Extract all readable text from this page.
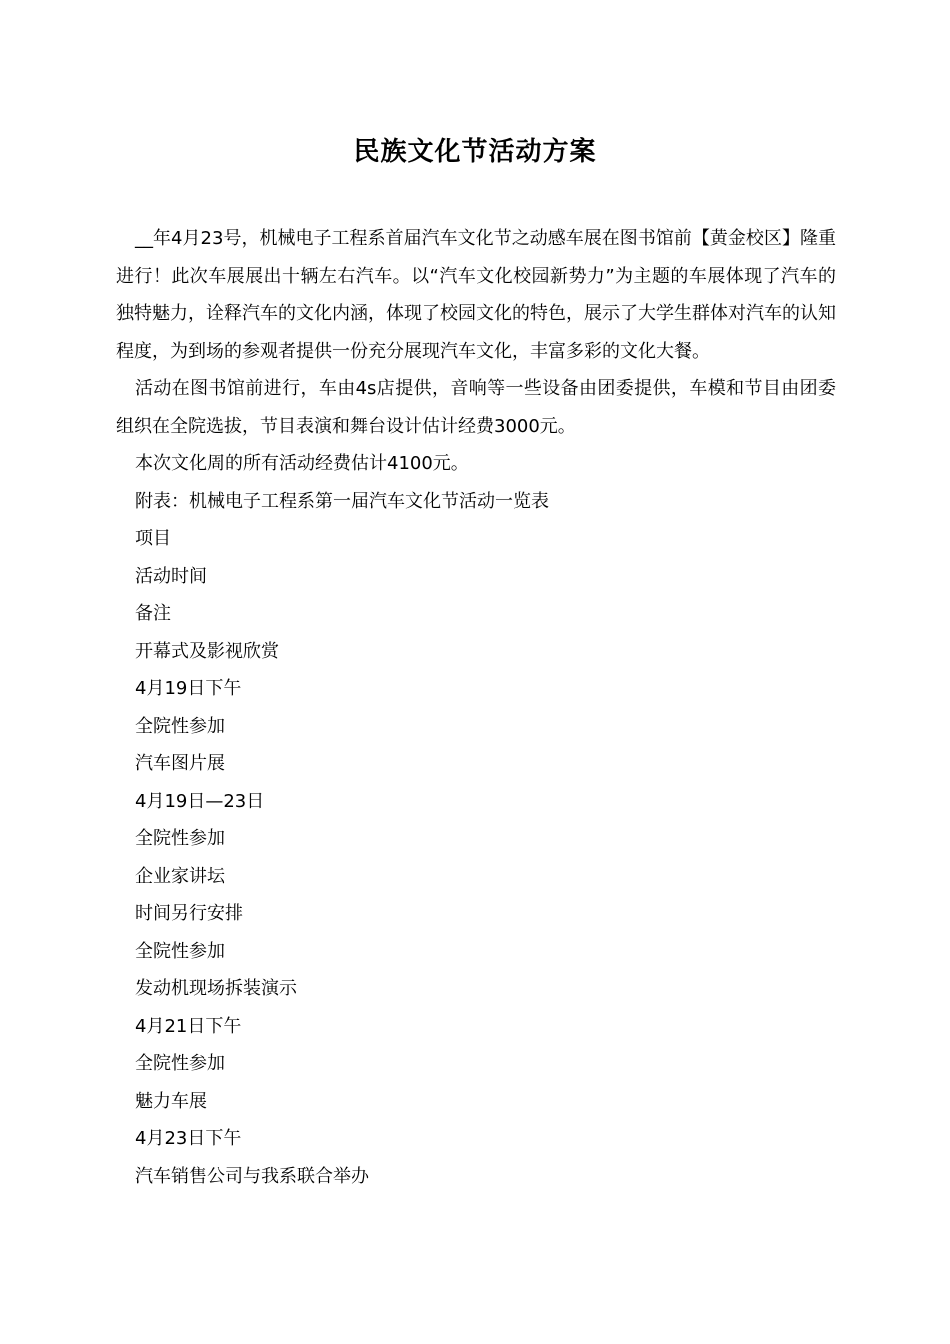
民族文化节活动方案

__年4月23号，机械电子工程系首届汽车文化节之动感车展在图书馆前【黄金校区】隆重进行！此次车展展出十辆左右汽车。以“汽车文化校园新势力”为主题的车展体现了汽车的独特魅力，诠释汽车的文化内涵，体现了校园文化的特色，展示了大学生群体对汽车的认知程度，为到场的参观者提供一份充分展现汽车文化，丰富多彩的文化大餐。

活动在图书馆前进行，车由4s店提供，音响等一些设备由团委提供，车模和节目由团委组织在全院选拔，节目表演和舞台设计估计经费3000元。

本次文化周的所有活动经费估计4100元。

附表：机械电子工程系第一届汽车文化节活动一览表

项目

活动时间

备注

开幕式及影视欣赏

4月19日下午

全院性参加

汽车图片展

4月19日—23日

全院性参加

企业家讲坛

时间另行安排

全院性参加

发动机现场拆装演示

4月21日下午

全院性参加

魅力车展

4月23日下午

汽车销售公司与我系联合举办
